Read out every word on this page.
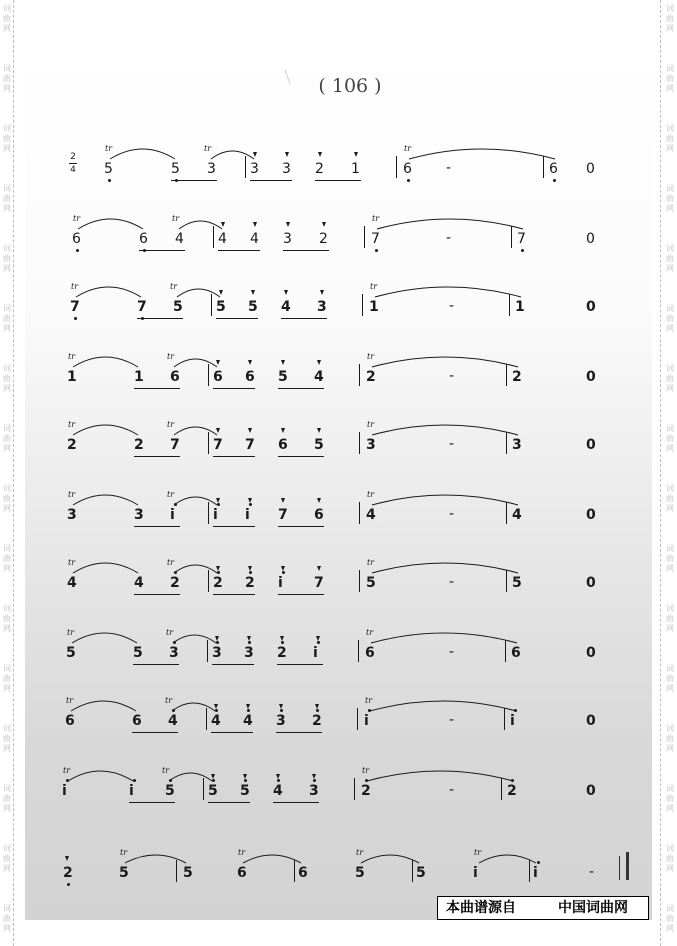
词
曲
网
词
曲
网
词
曲
网
词
曲
网
词
曲
网
词
曲
网
词
曲
网
词
曲
网
词
曲
网
词
曲
网
词
曲
网
词
曲
网
词
曲
网
词
曲
网
词
曲
网
词
曲
网
词
曲
网
词
曲
网
词
曲
网
词
曲
网
词
曲
网
词
曲
网
词
曲
网
词
曲
网
词
曲
网
词
曲
网
词
曲
网
词
曲
网
词
曲
网
词
曲
网
词
曲
网
词
曲
网
( 106 )
2
4 5	5 3 3 3 2 1	6	6 0
-
tr	tr	tr
6	6 4 4 4 3 2	7	7	0
-
tr	tr	tr
7	7 5 5 5 4 3	1	1	0
-
tr	tr	tr
1	1 6 6 6 5 4	2	2	0
-
tr	tr	tr
2	2 7 7 7 6 5	3	3	0
-
tr	tr	tr
3	3 i	i i 7 6	4	4	0
-
tr	tr	tr
4	4 2 2 2 i 7	5	5	0
-
tr	tr	tr
5	5 3 3 3 2 i	6	6	0
-
tr	tr	tr
6	6 4 4 4 3 2	i	i	0
-
tr	tr	tr
i	i 5 5 5 4 3	2	2	0
-
tr	tr	tr
2	5	5	6	6	5	5	i	i	-
tr	tr	tr	tr
本曲谱源自	中国词曲网
